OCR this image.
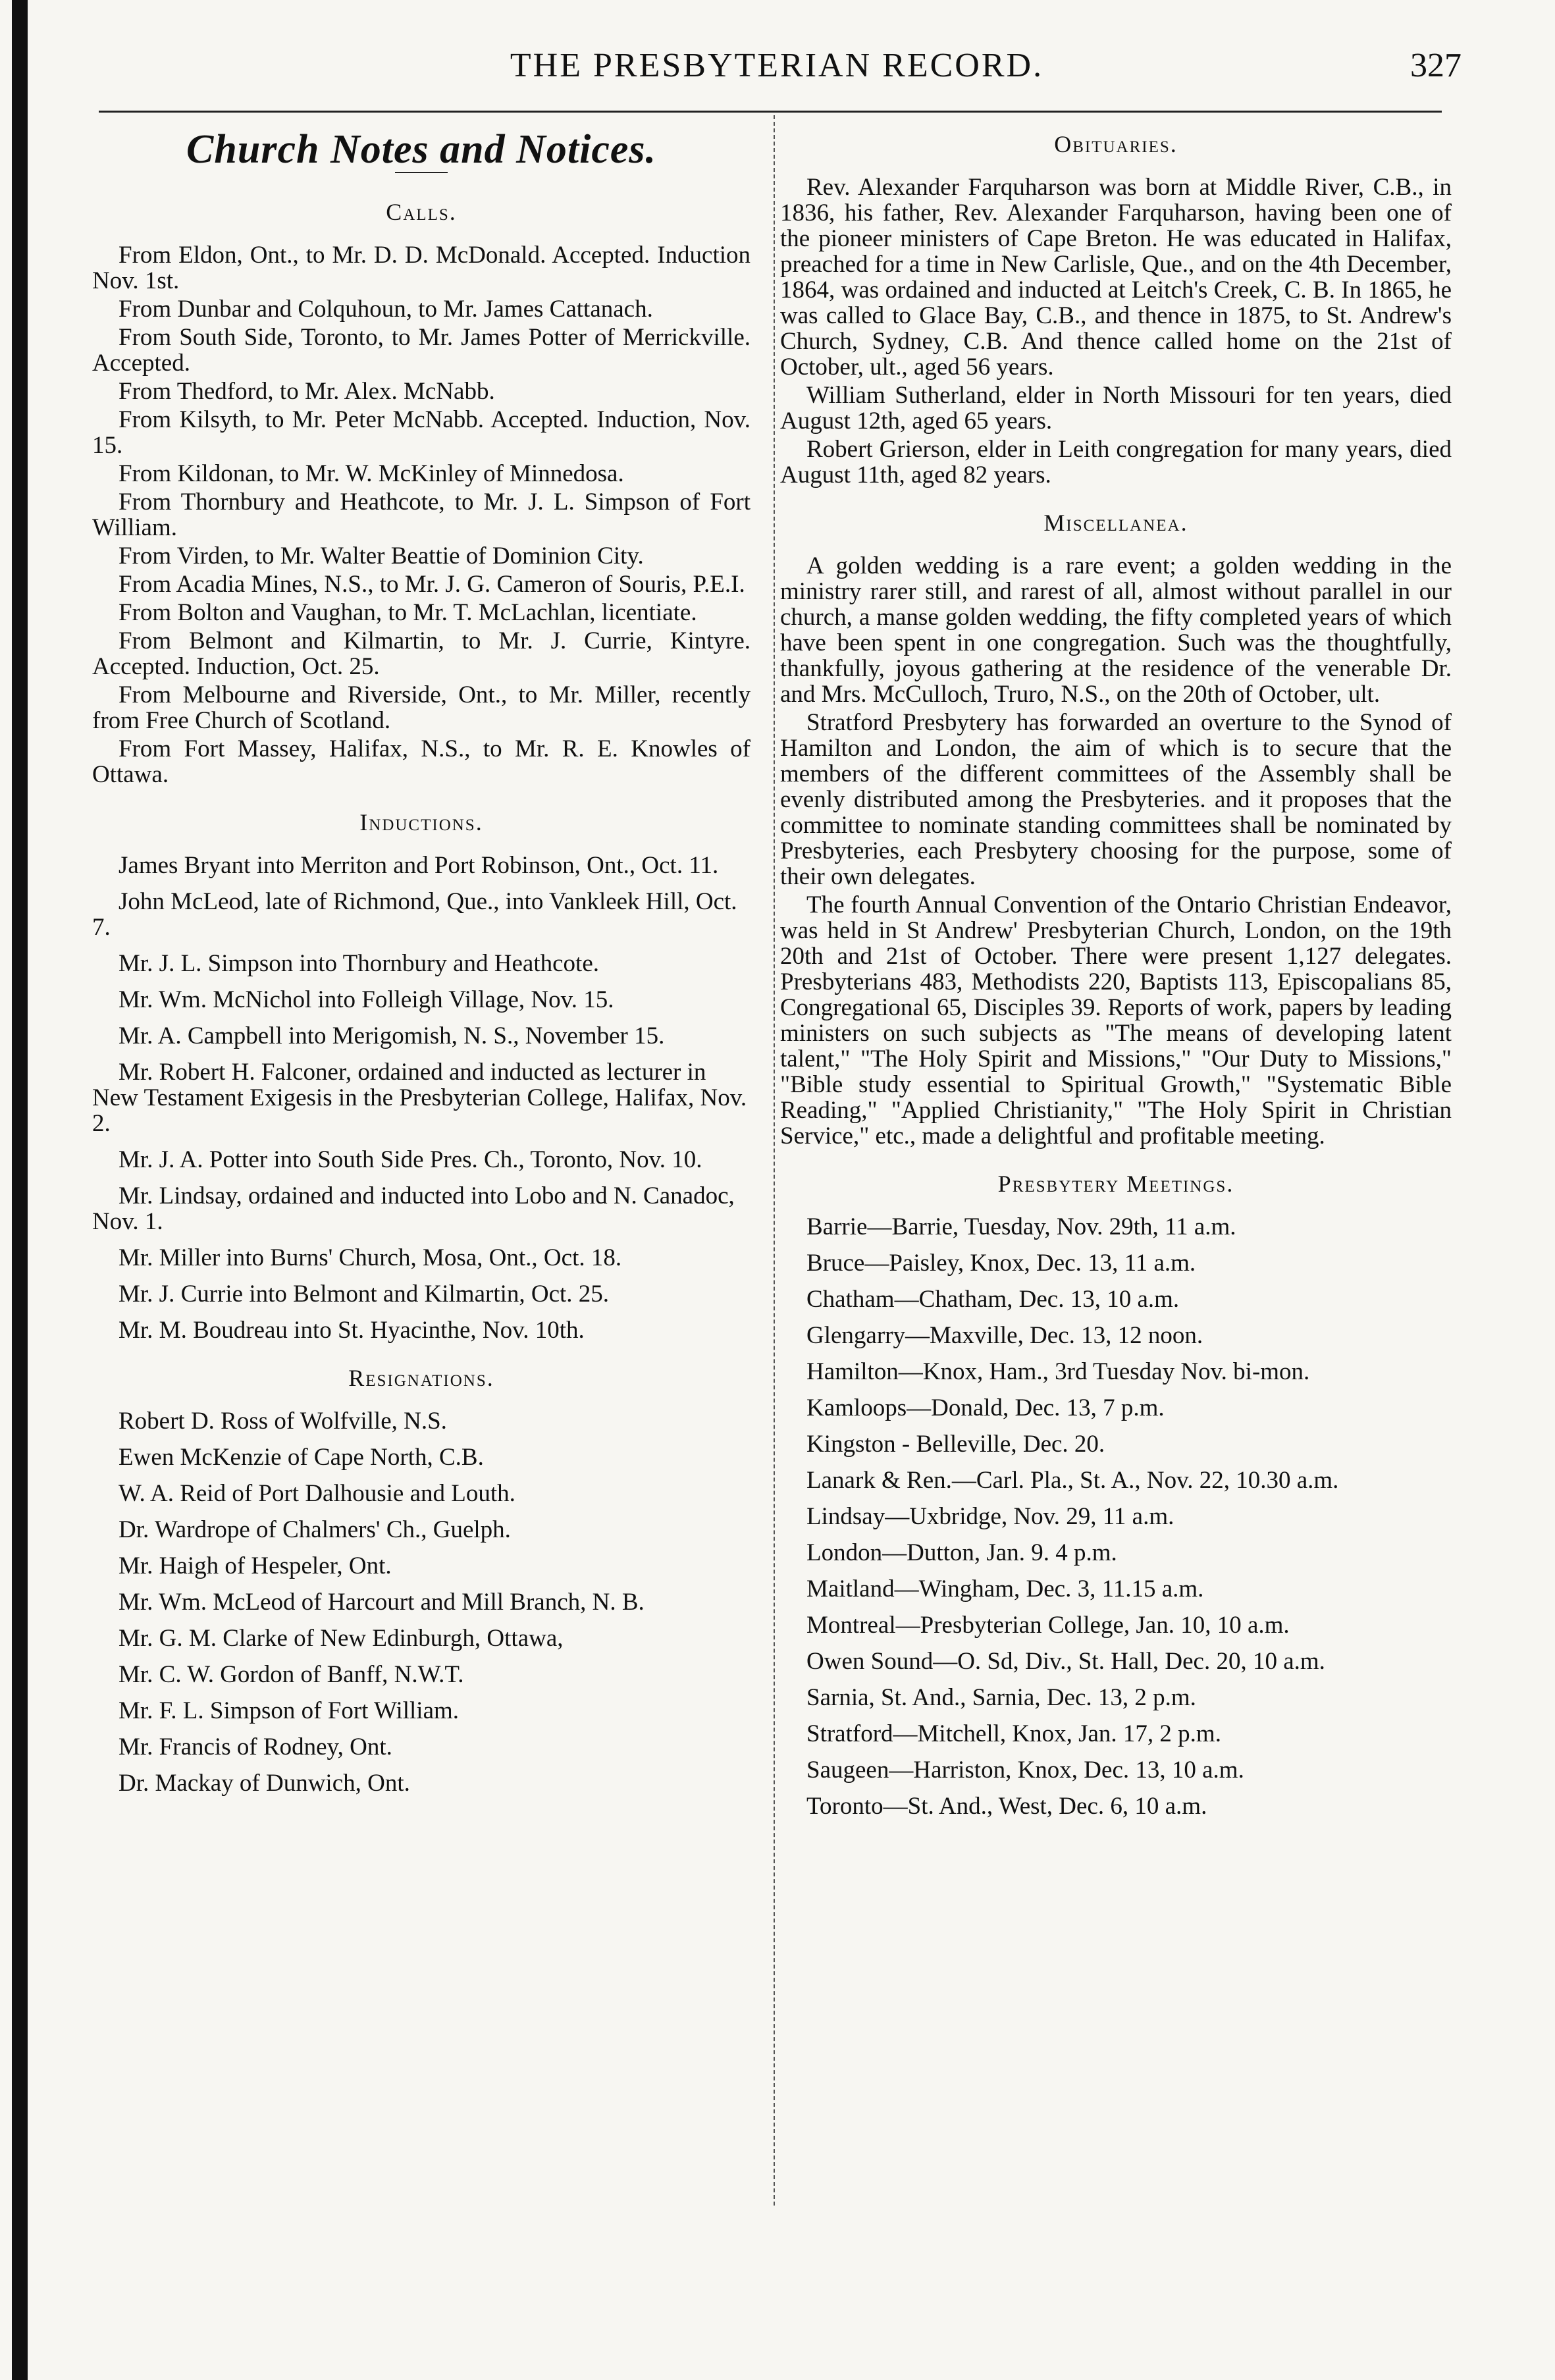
THE PRESBYTERIAN RECORD.	327
Church Notes and Notices.
Calls.

From Eldon, Ont., to Mr. D. D. McDonald. Accepted. Induction Nov. 1st.

From Dunbar and Colquhoun, to Mr. James Cattanach.

From South Side, Toronto, to Mr. James Potter of Merrickville. Accepted.

From Thedford, to Mr. Alex. McNabb.

From Kilsyth, to Mr. Peter McNabb. Accepted. Induction, Nov. 15.

From Kildonan, to Mr. W. McKinley of Minnedosa.

From Thornbury and Heathcote, to Mr. J. L. Simpson of Fort William.

From Virden, to Mr. Walter Beattie of Dominion City.

From Acadia Mines, N.S., to Mr. J. G. Cameron of Souris, P.E.I.

From Bolton and Vaughan, to Mr. T. McLachlan, licentiate.

From Belmont and Kilmartin, to Mr. J. Currie, Kintyre. Accepted. Induction, Oct. 25.

From Melbourne and Riverside, Ont., to Mr. Miller, recently from Free Church of Scotland.

From Fort Massey, Halifax, N.S., to Mr. R. E. Knowles of Ottawa.

Inductions.

James Bryant into Merriton and Port Robinson, Ont., Oct. 11.

John McLeod, late of Richmond, Que., into Vankleek Hill, Oct. 7.

Mr. J. L. Simpson into Thornbury and Heathcote.

Mr. Wm. McNichol into Folleigh Village, Nov. 15.

Mr. A. Campbell into Merigomish, N. S., November 15.

Mr. Robert H. Falconer, ordained and inducted as lecturer in New Testament Exigesis in the Presbyterian College, Halifax, Nov. 2.

Mr. J. A. Potter into South Side Pres. Ch., Toronto, Nov. 10.

Mr. Lindsay, ordained and inducted into Lobo and N. Canadoc, Nov. 1.

Mr. Miller into Burns' Church, Mosa, Ont., Oct. 18.

Mr. J. Currie into Belmont and Kilmartin, Oct. 25.

Mr. M. Boudreau into St. Hyacinthe, Nov. 10th.

Resignations.

Robert D. Ross of Wolfville, N.S.

Ewen McKenzie of Cape North, C.B.

W. A. Reid of Port Dalhousie and Louth.

Dr. Wardrope of Chalmers' Ch., Guelph.

Mr. Haigh of Hespeler, Ont.

Mr. Wm. McLeod of Harcourt and Mill Branch, N. B.

Mr. G. M. Clarke of New Edinburgh, Ottawa,

Mr. C. W. Gordon of Banff, N.W.T.

Mr. F. L. Simpson of Fort William.

Mr. Francis of Rodney, Ont.

Dr. Mackay of Dunwich, Ont.

Obituaries.

Rev. Alexander Farquharson was born at Middle River, C.B., in 1836, his father, Rev. Alexander Farquharson, having been one of the pioneer ministers of Cape Breton. He was educated in Halifax, preached for a time in New Carlisle, Que., and on the 4th December, 1864, was ordained and inducted at Leitch's Creek, C. B. In 1865, he was called to Glace Bay, C.B., and thence in 1875, to St. Andrew's Church, Sydney, C.B. And thence called home on the 21st of October, ult., aged 56 years.

William Sutherland, elder in North Missouri for ten years, died August 12th, aged 65 years.

Robert Grierson, elder in Leith congregation for many years, died August 11th, aged 82 years.

Miscellanea.

A golden wedding is a rare event; a golden wedding in the ministry rarer still, and rarest of all, almost without parallel in our church, a manse golden wedding, the fifty completed years of which have been spent in one congregation. Such was the thoughtfully, thankfully, joyous gathering at the residence of the venerable Dr. and Mrs. McCulloch, Truro, N.S., on the 20th of October, ult.

Stratford Presbytery has forwarded an overture to the Synod of Hamilton and London, the aim of which is to secure that the members of the different committees of the Assembly shall be evenly distributed among the Presbyteries. and it proposes that the committee to nominate standing committees shall be nominated by Presbyteries, each Presbytery choosing for the purpose, some of their own delegates.

The fourth Annual Convention of the Ontario Christian Endeavor, was held in St Andrew' Presbyterian Church, London, on the 19th 20th and 21st of October. There were present 1,127 delegates. Presbyterians 483, Methodists 220, Baptists 113, Episcopalians 85, Congregational 65, Disciples 39. Reports of work, papers by leading ministers on such subjects as "The means of developing latent talent," "The Holy Spirit and Missions," "Our Duty to Missions," "Bible study essential to Spiritual Growth," "Systematic Bible Reading," "Applied Christianity," "The Holy Spirit in Christian Service," etc., made a delightful and profitable meeting.

Presbytery Meetings.

Barrie—Barrie, Tuesday, Nov. 29th, 11 a.m.

Bruce—Paisley, Knox, Dec. 13, 11 a.m.

Chatham—Chatham, Dec. 13, 10 a.m.

Glengarry—Maxville, Dec. 13, 12 noon.

Hamilton—Knox, Ham., 3rd Tuesday Nov. bi-mon.

Kamloops—Donald, Dec. 13, 7 p.m.

Kingston - Belleville, Dec. 20.

Lanark & Ren.—Carl. Pla., St. A., Nov. 22, 10.30 a.m.

Lindsay—Uxbridge, Nov. 29, 11 a.m.

London—Dutton, Jan. 9. 4 p.m.

Maitland—Wingham, Dec. 3, 11.15 a.m.

Montreal—Presbyterian College, Jan. 10, 10 a.m.

Owen Sound—O. Sd, Div., St. Hall, Dec. 20, 10 a.m.

Sarnia, St. And., Sarnia, Dec. 13, 2 p.m.

Stratford—Mitchell, Knox, Jan. 17, 2 p.m.

Saugeen—Harriston, Knox, Dec. 13, 10 a.m.

Toronto—St. And., West, Dec. 6, 10 a.m.
